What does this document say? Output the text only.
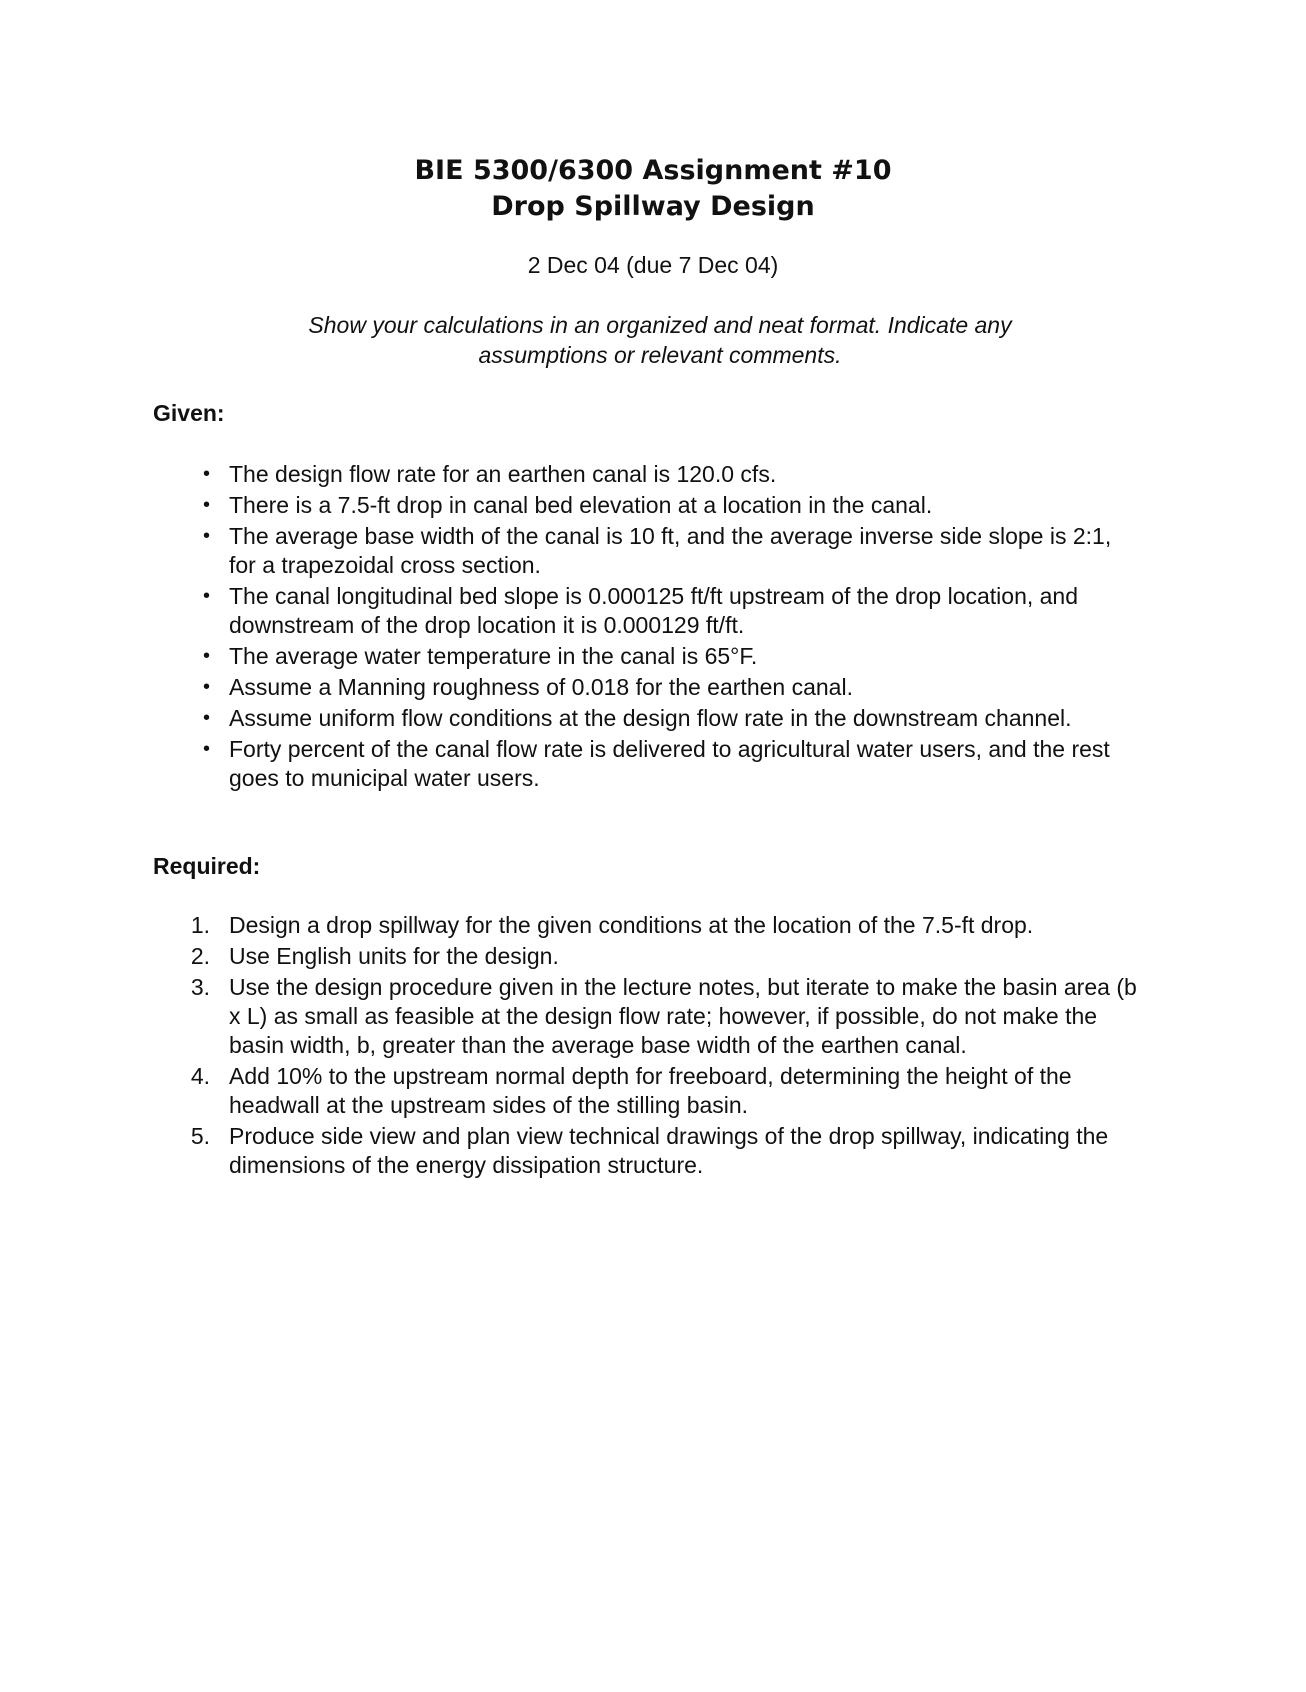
BIE 5300/6300 Assignment #10
Drop Spillway Design
2 Dec 04 (due 7 Dec 04)
Show your calculations in an organized and neat format. Indicate any assumptions or relevant comments.
Given:
• The design flow rate for an earthen canal is 120.0 cfs.
• There is a 7.5-ft drop in canal bed elevation at a location in the canal.
• The average base width of the canal is 10 ft, and the average inverse side slope is 2:1, for a trapezoidal cross section.
• The canal longitudinal bed slope is 0.000125 ft/ft upstream of the drop location, and downstream of the drop location it is 0.000129 ft/ft.
• The average water temperature in the canal is 65°F.
• Assume a Manning roughness of 0.018 for the earthen canal.
• Assume uniform flow conditions at the design flow rate in the downstream channel.
• Forty percent of the canal flow rate is delivered to agricultural water users, and the rest goes to municipal water users.
Required:
1. Design a drop spillway for the given conditions at the location of the 7.5-ft drop.
2. Use English units for the design.
3. Use the design procedure given in the lecture notes, but iterate to make the basin area (b x L) as small as feasible at the design flow rate; however, if possible, do not make the basin width, b, greater than the average base width of the earthen canal.
4. Add 10% to the upstream normal depth for freeboard, determining the height of the headwall at the upstream sides of the stilling basin.
5. Produce side view and plan view technical drawings of the drop spillway, indicating the dimensions of the energy dissipation structure.
